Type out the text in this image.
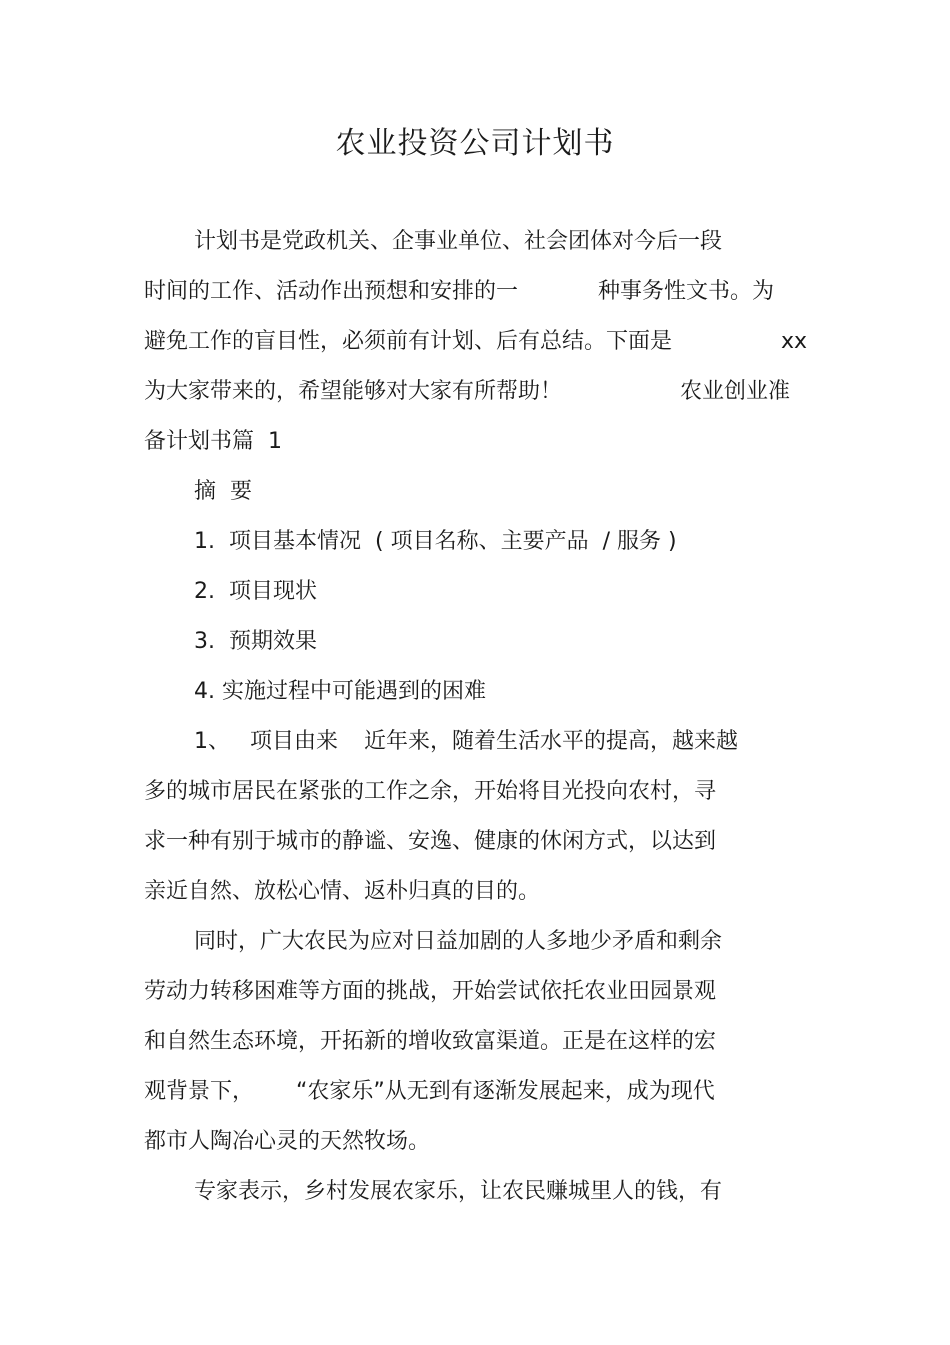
农业投资公司计划书
计划书是党政机关、企事业单位、社会团体对今后一段
时间的工作、活动作出预想和安排的一	种事务性文书。为
避免工作的盲目性，必须前有计划、后有总结。下面是	xx
为大家带来的，希望能够对大家有所帮助！	农业创业准
备计划书篇 1
摘 要
1. 项目基本情况 ( 项目名称、主要产品 / 服务 )
2. 项目现状
3. 预期效果
4. 实施过程中可能遇到的困难
1、 项目由来 近年来，随着生活水平的提高，越来越
多的城市居民在紧张的工作之余，开始将目光投向农村，寻
求一种有别于城市的静谧、安逸、健康的休闲方式，以达到
亲近自然、放松心情、返朴归真的目的。
同时，广大农民为应对日益加剧的人多地少矛盾和剩余
劳动力转移困难等方面的挑战，开始尝试依托农业田园景观
和自然生态环境，开拓新的增收致富渠道。正是在这样的宏
观背景下， “农家乐”从无到有逐渐发展起来，成为现代
都市人陶冶心灵的天然牧场。
专家表示，乡村发展农家乐，让农民赚城里人的钱，有
